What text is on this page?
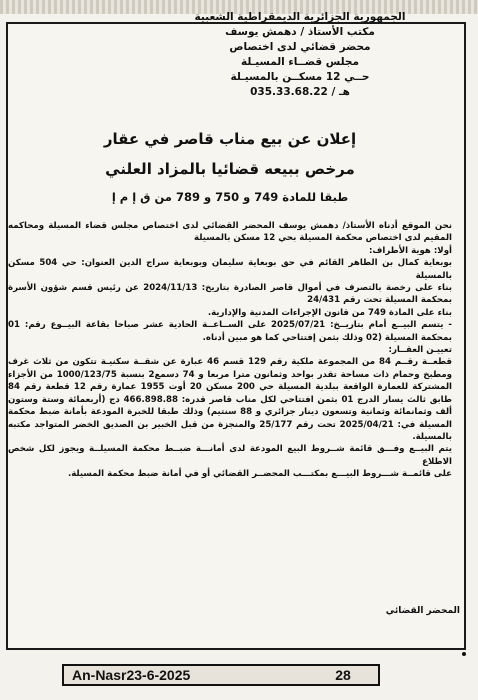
الجمهورية الجزائرية الديمقراطية الشعبية
مكتب الأستاذ / دهمش يوسف
محضر قضائي لدى اختصاص
مجلس قضــاء المسيـلة
حــي 12 مسكــن بالمسيـلة
هـ / 035.33.68.22
إعلان عن بيع مناب قاصر في عقار
مرخص ببيعه قضائيا بالمزاد العلني
طبقا للمادة 749 و 750 و 789 من ق إ م إ

نحن الموقع أدناه الأستاذ/ دهمش يوسف المحضر القضائي لدى اختصاص مجلس قضاء المسيلة ومحاكمه المقيم لدى اختصاص محكمة المسيلة بحي 12 مسكن بالمسيلة

أولا: هوية الأطراف:

بوبعاية كمال بن الطاهر القائم في حق بوبعاية سليمان وبوبعاية سراج الدين العنوان: حي 504 مسكن بالمسيلة

بناء على رخصة بالتصرف في أموال قاصر الصادرة بتاريخ: 2024/11/13 عن رئيس قسم شؤون الأسرة بمحكمة المسيلة تحت رقم 24/431

بناء على المادة 749 من قانون الإجراءات المدنية والإدارية.

- يتسم البيــع أمام بتاريــخ: 2025/07/21 على الســاعــة الحادية عشر صباحا بقاعة البيــوع رقم: 01 بمحكمة المسيلة (02 وذلك بثمن إفتتاحي كما هو مبين أدناه.

تعييـن العقــار:

قطعــة رقــم 84 من المجموعة ملكية رقم 129 قسم 46 عبارة عن شقــة سكنيـة تتكون من ثلاث غرف ومطبخ وحمام ذات مساحة تقدر بواحد وثمانون مترا مربعا و 74 دسمع2 بنسبة 1000/123/75 من الأجزاء المشتركة للعمارة الواقعة ببلدية المسيلة حي 200 مسكن 20 أوت 1955 عمارة رقم 12 قطعة رقم 84 طابق ثالث يسار الدرج 01 بثمن افتتاحي لكل مناب قاصر قدره: 466.898.88 دج (أربعمائة وستة وستون ألف وثمانمائة وثمانية وتسعون دينار جزائري و 88 سنتيم) وذلك طبقا للخبرة المودعة بأمانة ضبط محكمة المسيلة في: 2025/04/21 تحت رقم 25/177 والمنجزة من قبل الخبير بن الصديق الخضر المتواجد مكتبه بالمسيلة.

يتم البيــع وفـــق قائمة شــروط البيع المودعة لدى أمانـــة ضبــط محكمة المسيلــة ويجوز لكل شخص الاطلاع

على قائمــة شـــروط البيـــع بمكتـــب المحضــر القضائي أو في أمانة ضبط محكمة المسيلة.

المحضر القضائي
An-Nasr23-6-2025	28
